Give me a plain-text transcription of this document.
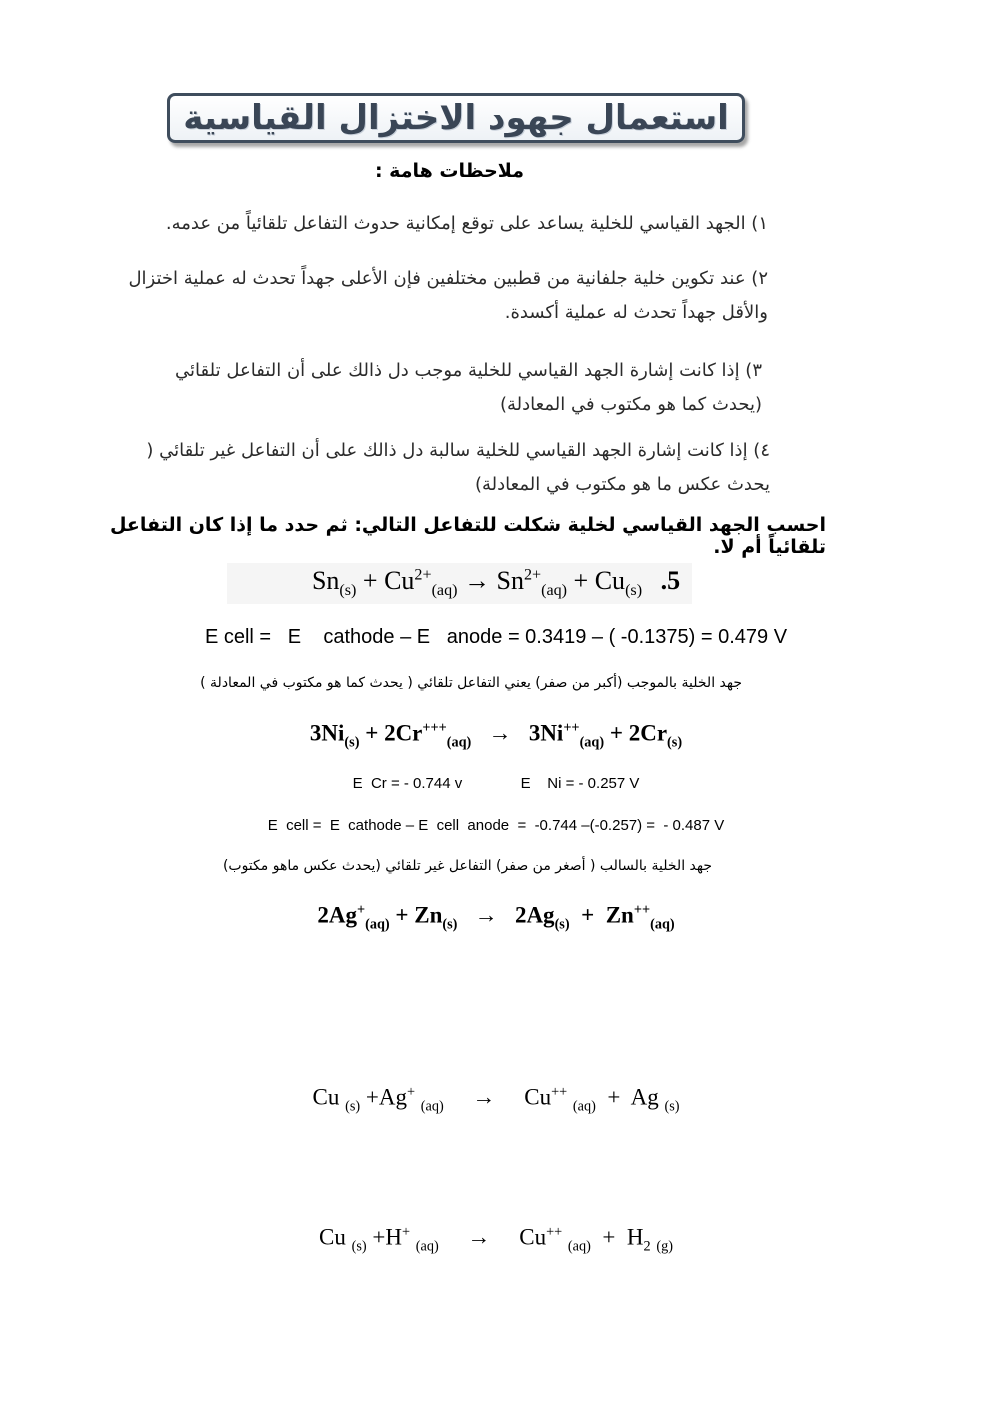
استعمال جهود الاختزال القياسية
ملاحظات هامة :
١) الجهد القياسي للخلية يساعد على توقع إمكانية حدوث التفاعل تلقائياً من عدمه.
٢) عند تكوين خلية جلفانية من قطبين مختلفين فإن الأعلى جهداً تحدث له عملية اختزال والأقل جهداً تحدث له عملية أكسدة.
٣) إذا كانت إشارة الجهد القياسي للخلية موجب دل ذالك على أن التفاعل تلقائي (يحدث كما هو مكتوب في المعادلة)
٤) إذا كانت إشارة الجهد القياسي للخلية سالبة دل ذالك على أن التفاعل غير تلقائي ( يحدث عكس ما هو مكتوب في المعادلة)
احسب الجهد القياسي لخلية شكلت للتفاعل التالي: ثم حدد ما إذا كان التفاعل تلقائياً أم لا.
$Sn_{(s)} + Cu^{2+}_{(aq)} \to Sn^{2+}_{(aq)} + Cu_{(s)}$ .5
E cell =   E    cathode – E   anode = 0.3419 – ( -0.1375) = 0.479 V
جهد الخلية بالموجب (أكبر من صفر) يعني التفاعل تلقائي ( يحدث كما هو مكتوب في المعادلة )
$3Ni_{(s)} + 2Cr^{+++}_{(aq)} \to 3Ni^{++}_{(aq)} + 2Cr_{(s)}$
E  Cr = - 0.744 v              E    Ni = - 0.257 V
E  cell =  E  cathode – E  cell  anode  =  -0.744 –(-0.257) =  - 0.487 V
جهد الخلية بالسالب ( أصغر من صفر) التفاعل غير تلقائي (يحدث عكس ماهو مكتوب)
$2Ag^+_{(aq)} + Zn_{(s)} \to 2Ag_{(s)} + Zn^{++}_{(aq)}$
Cu $_{(s)}$ +Ag+ $_{(aq)}$ → Cu++ $_{(aq)}$  +  Ag $_{(s)}$
Cu $_{(s)}$ +H+ $_{(aq)}$ → Cu++ $_{(aq)} + H_2$ $_{(g)}$
